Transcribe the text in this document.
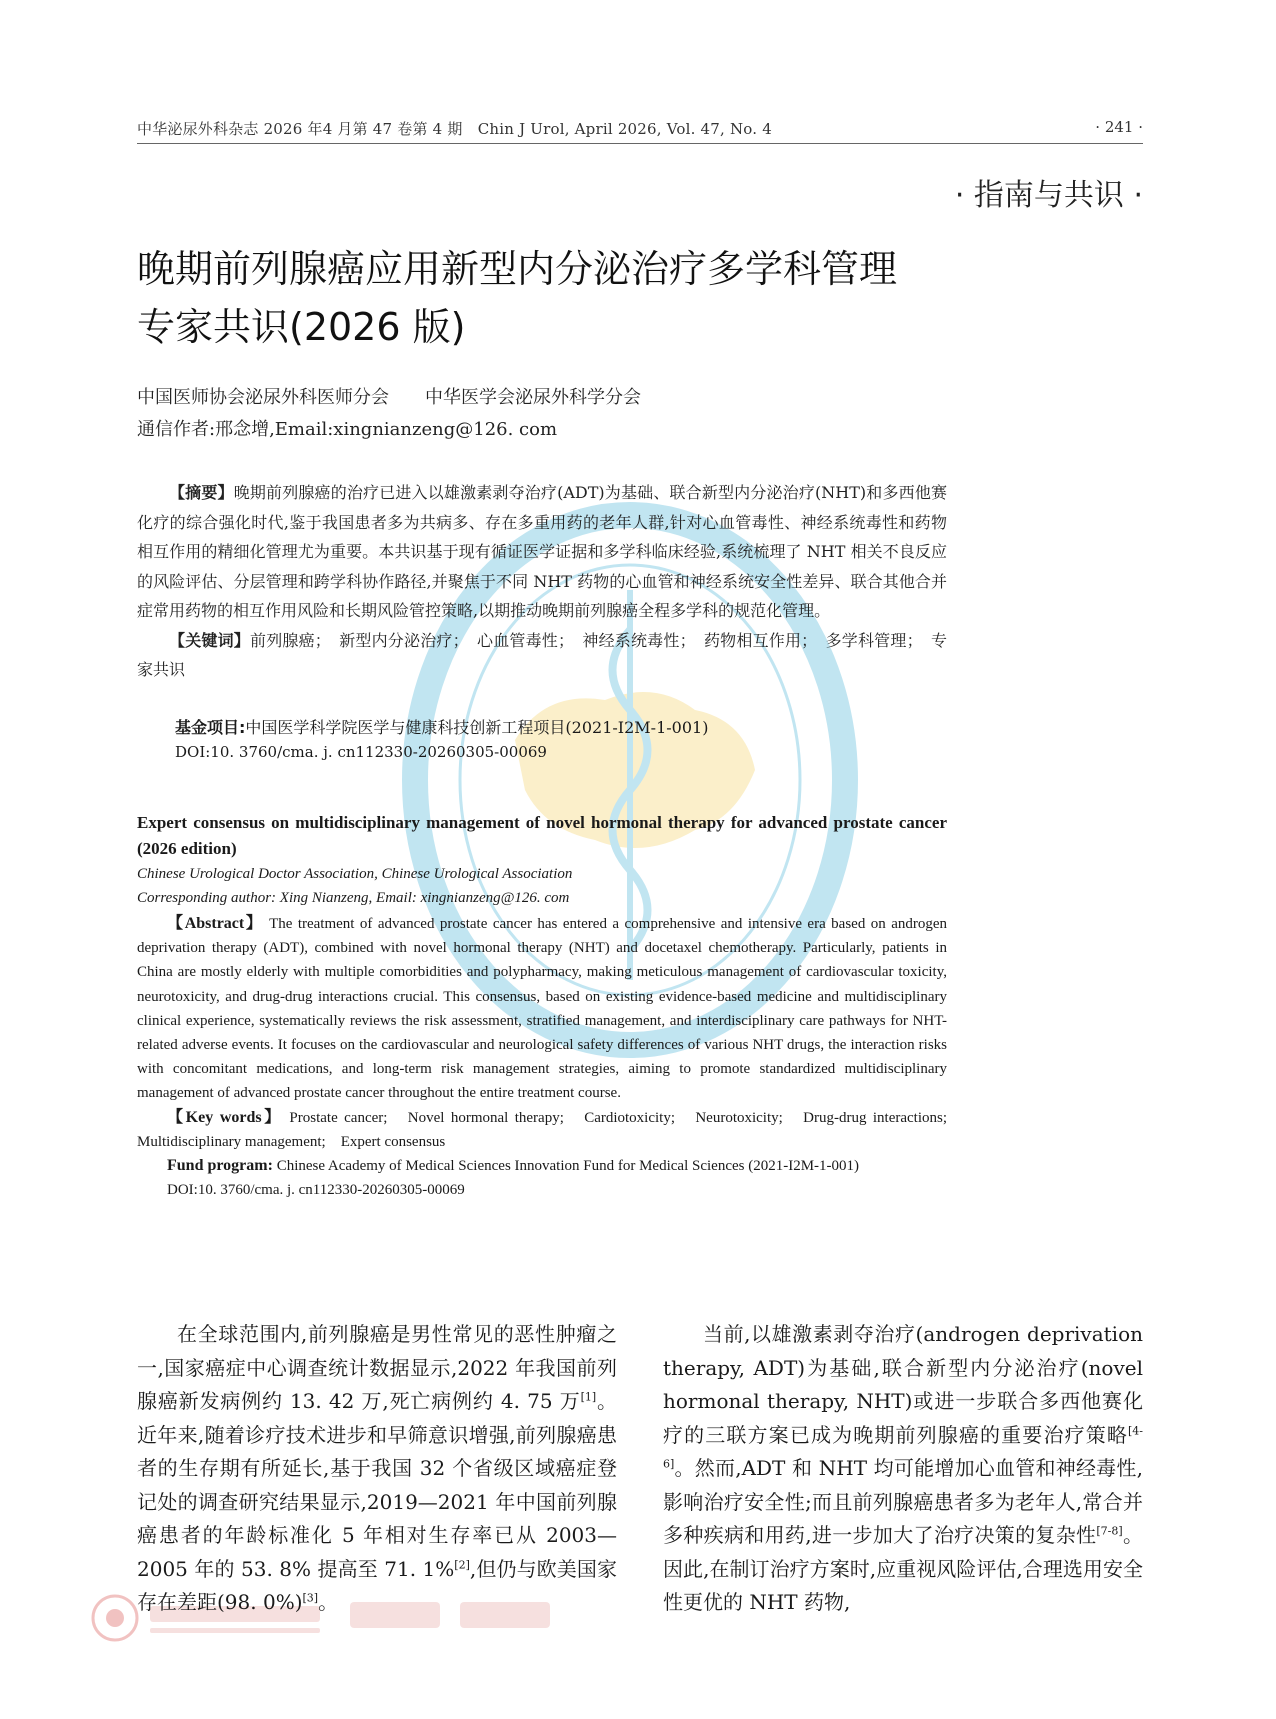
中华泌尿外科杂志 2026 年4 月第 47 卷第 4 期　Chin J Urol, April 2026, Vol. 47, No. 4	· 241 ·
· 指南与共识 ·
晚期前列腺癌应用新型内分泌治疗多学科管理
专家共识(2026 版)
中国医师协会泌尿外科医师分会　　中华医学会泌尿外科学分会
通信作者:邢念增,Email:xingnianzeng@126. com

【摘要】晚期前列腺癌的治疗已进入以雄激素剥夺治疗(ADT)为基础、联合新型内分泌治疗(NHT)和多西他赛化疗的综合强化时代,鉴于我国患者多为共病多、存在多重用药的老年人群,针对心血管毒性、神经系统毒性和药物相互作用的精细化管理尤为重要。本共识基于现有循证医学证据和多学科临床经验,系统梳理了 NHT 相关不良反应的风险评估、分层管理和跨学科协作路径,并聚焦于不同 NHT 药物的心血管和神经系统安全性差异、联合其他合并症常用药物的相互作用风险和长期风险管控策略,以期推动晚期前列腺癌全程多学科的规范化管理。

【关键词】前列腺癌；　新型内分泌治疗；　心血管毒性；　神经系统毒性；　药物相互作用；　多学科管理；　专家共识

基金项目:中国医学科学院医学与健康科技创新工程项目(2021-I2M-1-001)
DOI:10. 3760/cma. j. cn112330-20260305-00069
Expert consensus on multidisciplinary management of novel hormonal therapy for advanced prostate cancer (2026 edition)
Chinese Urological Doctor Association, Chinese Urological Association
Corresponding author: Xing Nianzeng, Email: xingnianzeng@126. com

【Abstract】 The treatment of advanced prostate cancer has entered a comprehensive and intensive era based on androgen deprivation therapy (ADT), combined with novel hormonal therapy (NHT) and docetaxel chemotherapy. Particularly, patients in China are mostly elderly with multiple comorbidities and polypharmacy, making meticulous management of cardiovascular toxicity, neurotoxicity, and drug-drug interactions crucial. This consensus, based on existing evidence-based medicine and multidisciplinary clinical experience, systematically reviews the risk assessment, stratified management, and interdisciplinary care pathways for NHT-related adverse events. It focuses on the cardiovascular and neurological safety differences of various NHT drugs, the interaction risks with concomitant medications, and long-term risk management strategies, aiming to promote standardized multidisciplinary management of advanced prostate cancer throughout the entire treatment course.

【Key words】 Prostate cancer;　Novel hormonal therapy;　Cardiotoxicity;　Neurotoxicity;　Drug-drug interactions;　Multidisciplinary management;　Expert consensus

Fund program: Chinese Academy of Medical Sciences Innovation Fund for Medical Sciences (2021-I2M-1-001)

DOI:10. 3760/cma. j. cn112330-20260305-00069

在全球范围内,前列腺癌是男性常见的恶性肿瘤之一,国家癌症中心调查统计数据显示,2022 年我国前列腺癌新发病例约 13. 42 万,死亡病例约 4. 75 万[1]。近年来,随着诊疗技术进步和早筛意识增强,前列腺癌患者的生存期有所延长,基于我国 32 个省级区域癌症登记处的调查研究结果显示,2019—2021 年中国前列腺癌患者的年龄标准化 5 年相对生存率已从 2003—2005 年的 53. 8% 提高至 71. 1%[2],但仍与欧美国家存在差距(98. 0%)[3]。

当前,以雄激素剥夺治疗(androgen deprivation therapy, ADT)为基础,联合新型内分泌治疗(novel hormonal therapy, NHT)或进一步联合多西他赛化疗的三联方案已成为晚期前列腺癌的重要治疗策略[4-6]。然而,ADT 和 NHT 均可能增加心血管和神经毒性,影响治疗安全性;而且前列腺癌患者多为老年人,常合并多种疾病和用药,进一步加大了治疗决策的复杂性[7-8]。因此,在制订治疗方案时,应重视风险评估,合理选用安全性更优的 NHT 药物,
